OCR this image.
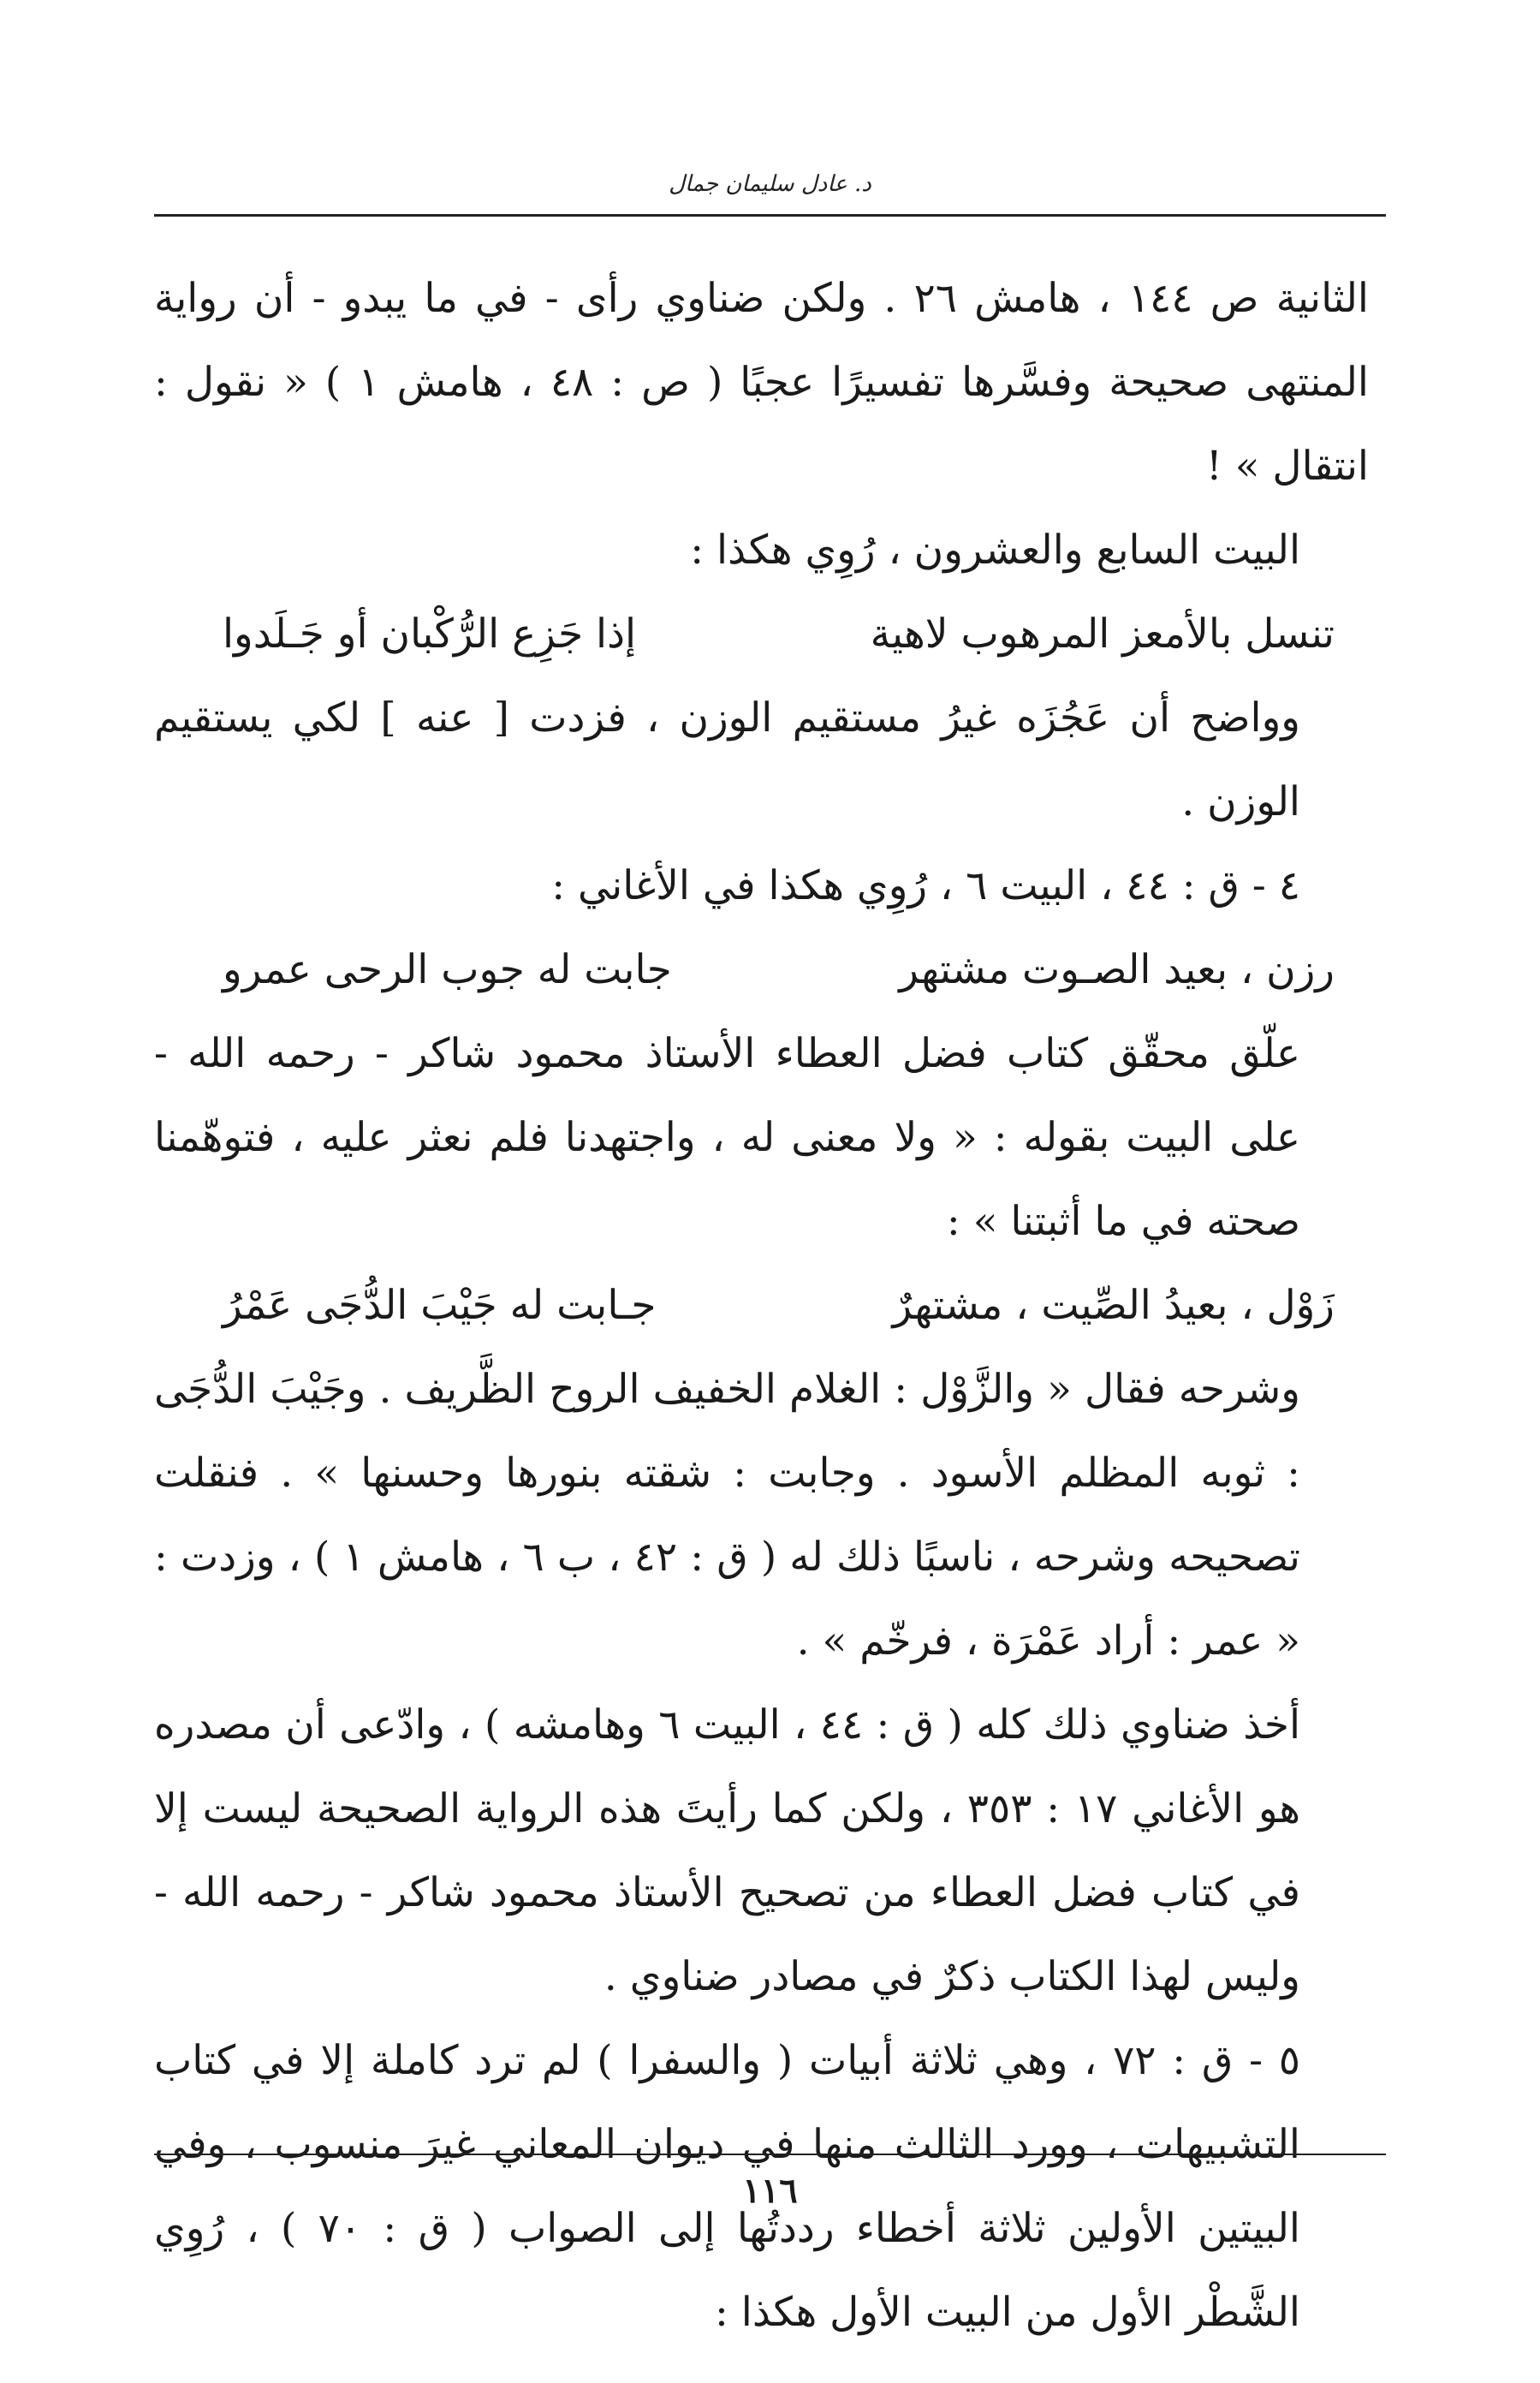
د. عادل سليمان جمال

الثانية ص ١٤٤ ، هامش ٢٦ . ولكن ضناوي رأى - في ما يبدو - أن رواية المنتهى صحيحة وفسَّرها تفسيرًا عجبًا ( ص : ٤٨ ، هامش ١ ) « نقول : انتقال » !

البيت السابع والعشرون ، رُوِي هكذا :

تنسل بالأمعز المرهوب لاهية
إذا جَزِع الرُّكْبان أو جَـلَدوا

وواضح أن عَجُزَه غيرُ مستقيم الوزن ، فزدت [ عنه ] لكي يستقيم الوزن .

٤ - ق : ٤٤ ، البيت ٦ ، رُوِي هكذا في الأغاني :

رزن ، بعيد الصـوت مشتهر
جابت له جوب الرحى عمرو

علّق محقّق كتاب فضل العطاء الأستاذ محمود شاكر - رحمه الله - على البيت بقوله : « ولا معنى له ، واجتهدنا فلم نعثر عليه ، فتوهّمنا صحته في ما أثبتنا » :

زَوْل ، بعيدُ الصِّيت ، مشتهرٌ
جـابت له جَيْبَ الدُّجَى عَمْرُ

وشرحه فقال « والزَّوْل : الغلام الخفيف الروح الظَّريف . وجَيْبَ الدُّجَى : ثوبه المظلم الأسود . وجابت : شقته بنورها وحسنها » . فنقلت تصحيحه وشرحه ، ناسبًا ذلك له ( ق : ٤٢ ، ب ٦ ، هامش ١ ) ، وزدت : « عمر : أراد عَمْرَة ، فرخّم » .

أخذ ضناوي ذلك كله ( ق : ٤٤ ، البيت ٦ وهامشه ) ، وادّعى أن مصدره هو الأغاني ١٧ : ٣٥٣ ، ولكن كما رأيتَ هذه الرواية الصحيحة ليست إلا في كتاب فضل العطاء من تصحيح الأستاذ محمود شاكر - رحمه الله - وليس لهذا الكتاب ذكرٌ في مصادر ضناوي .

٥ - ق : ٧٢ ، وهي ثلاثة أبيات ( والسفرا ) لم ترد كاملة إلا في كتاب التشبيهات ، وورد الثالث منها في ديوان المعاني غيرَ منسوب ، وفي البيتين الأولين ثلاثة أخطاء رددتُها إلى الصواب ( ق : ٧٠ ) ، رُوِي الشَّطْر الأول من البيت الأول هكذا :

١١٦
